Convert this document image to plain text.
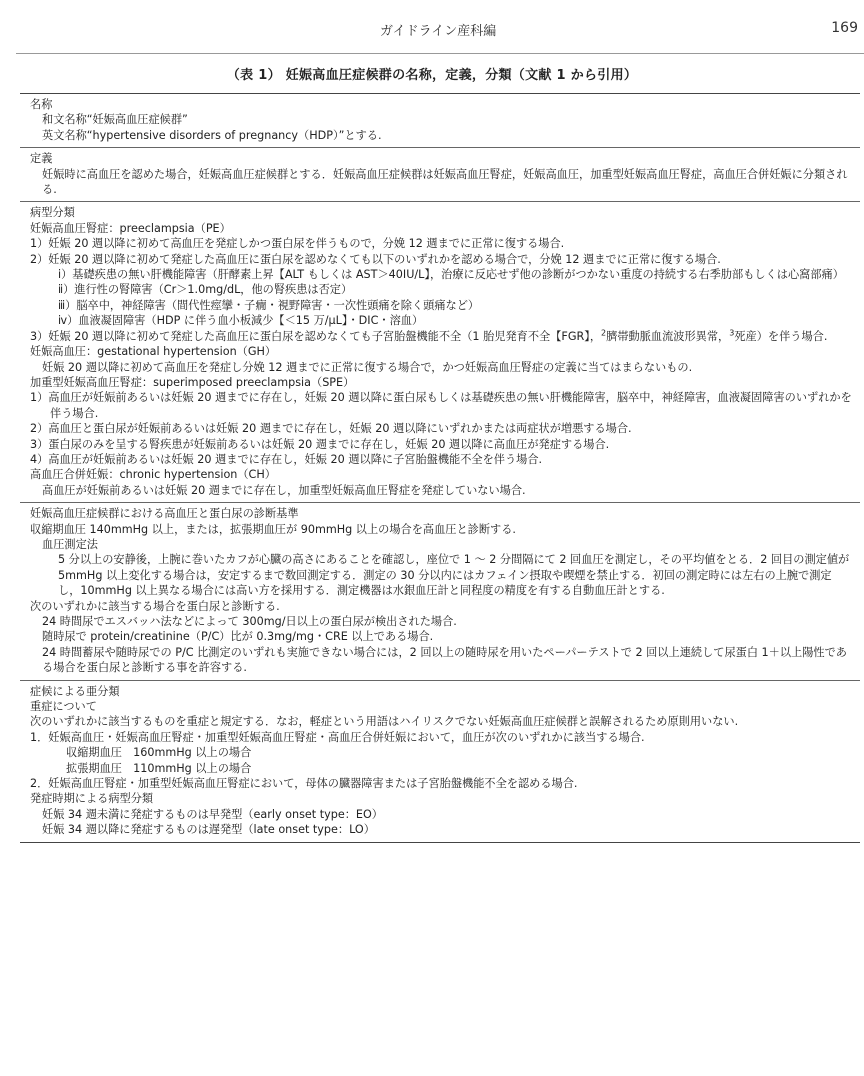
ガイドライン産科編	169
（表 1） 妊娠高血圧症候群の名称，定義，分類（文献 1 から引用）
名称
和文名称“妊娠高血圧症候群”
英文名称“hypertensive disorders of pregnancy（HDP）”とする.
定義
妊娠時に高血圧を認めた場合，妊娠高血圧症候群とする．妊娠高血圧症候群は妊娠高血圧腎症，妊娠高血圧，加重型妊娠高血圧腎症，高血圧合併妊娠に分類される.
病型分類
妊娠高血圧腎症：preeclampsia（PE）
1）妊娠 20 週以降に初めて高血圧を発症しかつ蛋白尿を伴うもので，分娩 12 週までに正常に復する場合.
2）妊娠 20 週以降に初めて発症した高血圧に蛋白尿を認めなくても以下のいずれかを認める場合で，分娩 12 週までに正常に復する場合.
ⅰ）基礎疾患の無い肝機能障害（肝酵素上昇【ALT もしくは AST＞40IU/L】，治療に反応せず他の診断がつかない重度の持続する右季肋部もしくは心窩部痛）
ⅱ）進行性の腎障害（Cr＞1.0mg/dL，他の腎疾患は否定）
ⅲ）脳卒中，神経障害（間代性痙攣・子癇・視野障害・一次性頭痛を除く頭痛など）
ⅳ）血液凝固障害（HDP に伴う血小板減少【＜15 万/μL】・DIC・溶血）
3）妊娠 20 週以降に初めて発症した高血圧に蛋白尿を認めなくても子宮胎盤機能不全（1 胎児発育不全【FGR】，$^2$臍帯動脈血流波形異常，$^3$死産）を伴う場合.
妊娠高血圧：gestational hypertension（GH）
妊娠 20 週以降に初めて高血圧を発症し分娩 12 週までに正常に復する場合で，かつ妊娠高血圧腎症の定義に当てはまらないもの.
加重型妊娠高血圧腎症：superimposed preeclampsia（SPE）
1）高血圧が妊娠前あるいは妊娠 20 週までに存在し，妊娠 20 週以降に蛋白尿もしくは基礎疾患の無い肝機能障害，脳卒中，神経障害，血液凝固障害のいずれかを伴う場合.
2）高血圧と蛋白尿が妊娠前あるいは妊娠 20 週までに存在し，妊娠 20 週以降にいずれかまたは両症状が増悪する場合.
3）蛋白尿のみを呈する腎疾患が妊娠前あるいは妊娠 20 週までに存在し，妊娠 20 週以降に高血圧が発症する場合.
4）高血圧が妊娠前あるいは妊娠 20 週までに存在し，妊娠 20 週以降に子宮胎盤機能不全を伴う場合.
高血圧合併妊娠：chronic hypertension（CH）
高血圧が妊娠前あるいは妊娠 20 週までに存在し，加重型妊娠高血圧腎症を発症していない場合.
妊娠高血圧症候群における高血圧と蛋白尿の診断基準
収縮期血圧 140mmHg 以上，または，拡張期血圧が 90mmHg 以上の場合を高血圧と診断する.
血圧測定法
5 分以上の安静後，上腕に巻いたカフが心臓の高さにあることを確認し，座位で 1 ～ 2 分間隔にて 2 回血圧を測定し，その平均値をとる．2 回目の測定値が 5mmHg 以上変化する場合は，安定するまで数回測定する．測定の 30 分以内にはカフェイン摂取や喫煙を禁止する．初回の測定時には左右の上腕で測定し，10mmHg 以上異なる場合には高い方を採用する．測定機器は水銀血圧計と同程度の精度を有する自動血圧計とする.
次のいずれかに該当する場合を蛋白尿と診断する.
24 時間尿でエスバッハ法などによって 300mg/日以上の蛋白尿が検出された場合.
随時尿で protein/creatinine（P/C）比が 0.3mg/mg・CRE 以上である場合.
24 時間蓄尿や随時尿での P/C 比測定のいずれも実施できない場合には，2 回以上の随時尿を用いたペーパーテストで 2 回以上連続して尿蛋白 1＋以上陽性である場合を蛋白尿と診断する事を許容する.
症候による亜分類
重症について
次のいずれかに該当するものを重症と規定する．なお，軽症という用語はハイリスクでない妊娠高血圧症候群と誤解されるため原則用いない.
1．妊娠高血圧・妊娠高血圧腎症・加重型妊娠高血圧腎症・高血圧合併妊娠において，血圧が次のいずれかに該当する場合.
収縮期血圧　160mmHg 以上の場合
拡張期血圧　110mmHg 以上の場合
2．妊娠高血圧腎症・加重型妊娠高血圧腎症において，母体の臓器障害または子宮胎盤機能不全を認める場合.
発症時期による病型分類
妊娠 34 週未満に発症するものは早発型（early onset type：EO）
妊娠 34 週以降に発症するものは遅発型（late onset type：LO）
